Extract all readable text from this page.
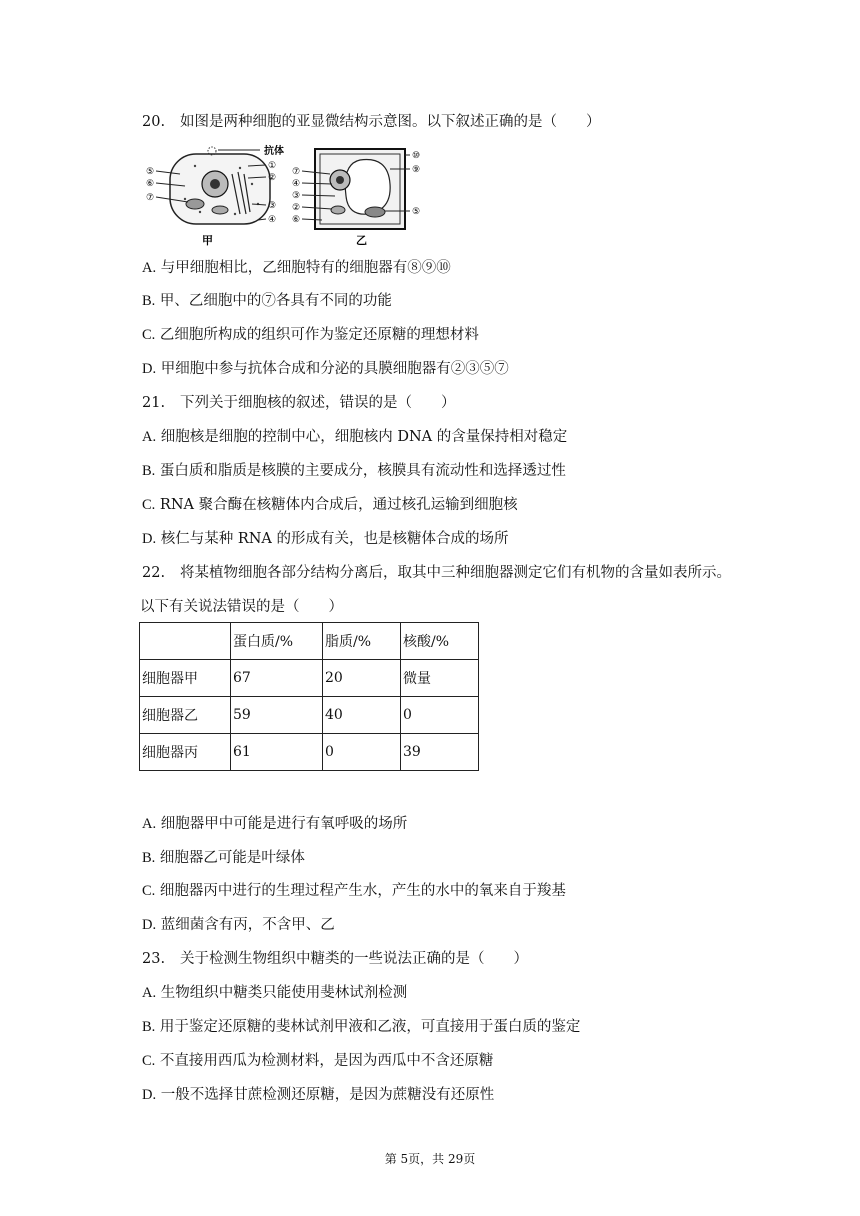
20. 如图是两种细胞的亚显微结构示意图。以下叙述正确的是（　　）
抗体
⑤
⑥
⑦
①
②
③
④
甲
⑦
④
③
②
⑥
⑩
⑨
⑤
乙
A. 与甲细胞相比，乙细胞特有的细胞器有⑧⑨⑩
B. 甲、乙细胞中的⑦各具有不同的功能
C. 乙细胞所构成的组织可作为鉴定还原糖的理想材料
D. 甲细胞中参与抗体合成和分泌的具膜细胞器有②③⑤⑦
21. 下列关于细胞核的叙述，错误的是（　　）
A. 细胞核是细胞的控制中心，细胞核内 DNA 的含量保持相对稳定
B. 蛋白质和脂质是核膜的主要成分，核膜具有流动性和选择透过性
C. RNA 聚合酶在核糖体内合成后，通过核孔运输到细胞核
D. 核仁与某种 RNA 的形成有关，也是核糖体合成的场所
22. 将某植物细胞各部分结构分离后，取其中三种细胞器测定它们有机物的含量如表所示。
以下有关说法错误的是（　　）
	蛋白质/%	脂质/%	核酸/%
细胞器甲	67	20	微量
细胞器乙	59	40	0
细胞器丙	61	0	39
A. 细胞器甲中可能是进行有氧呼吸的场所
B. 细胞器乙可能是叶绿体
C. 细胞器丙中进行的生理过程产生水，产生的水中的氧来自于羧基
D. 蓝细菌含有丙，不含甲、乙
23. 关于检测生物组织中糖类的一些说法正确的是（　　）
A. 生物组织中糖类只能使用斐林试剂检测
B. 用于鉴定还原糖的斐林试剂甲液和乙液，可直接用于蛋白质的鉴定
C. 不直接用西瓜为检测材料，是因为西瓜中不含还原糖
D. 一般不选择甘蔗检测还原糖，是因为蔗糖没有还原性
第 5页，共 29页
